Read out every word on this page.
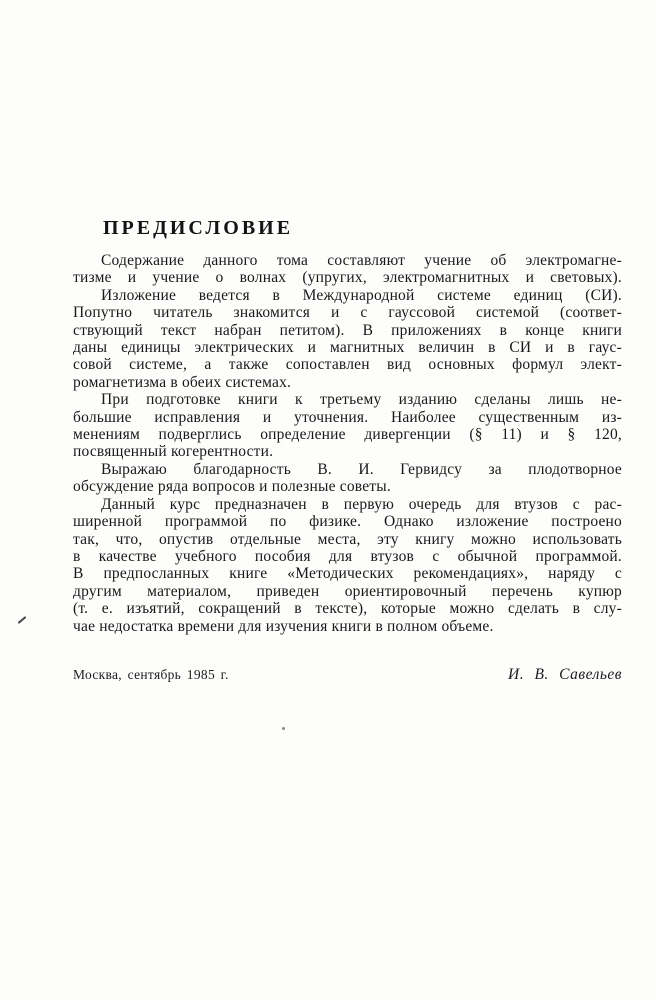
ПРЕДИСЛОВИЕ

Содержание данного тома составляют учение об электромагне-
тизме и учение о волнах (упругих, электромагнитных и световых).

Изложение ведется в Международной системе единиц (СИ).
Попутно читатель знакомится и с гауссовой системой (соответ-
ствующий текст набран петитом). В приложениях в конце книги
даны единицы электрических и магнитных величин в СИ и в гаус-
совой системе, а также сопоставлен вид основных формул элект-
ромагнетизма в обеих системах.

При подготовке книги к третьему изданию сделаны лишь не-
большие исправления и уточнения. Наиболее существенным из-
менениям подверглись определение дивергенции (§ 11) и § 120,
посвященный когерентности.

Выражаю благодарность В. И. Гервидсу за плодотворное
обсуждение ряда вопросов и полезные советы.

Данный курс предназначен в первую очередь для втузов с рас-
ширенной программой по физике. Однако изложение построено
так, что, опустив отдельные места, эту книгу можно использовать
в качестве учебного пособия для втузов с обычной программой.
В предпосланных книге «Методических рекомендациях», наряду с
другим материалом, приведен ориентировочный перечень купюр
(т. е. изъятий, сокращений в тексте), которые можно сделать в слу-
чае недостатка времени для изучения книги в полном объеме.

Москва, сентябрь 1985 г.	И. В. Савельев
